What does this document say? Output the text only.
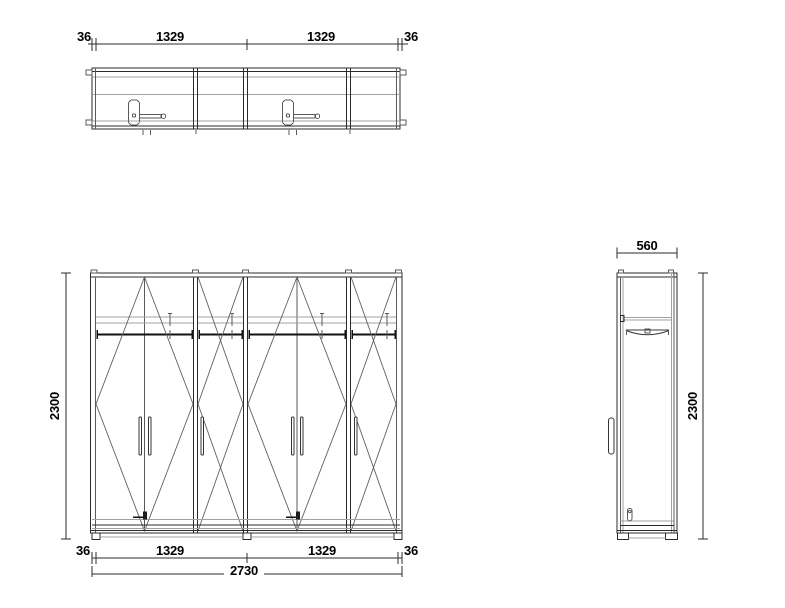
36	1329	1329	36
2300
36	1329	1329	36
2730
560
2300
